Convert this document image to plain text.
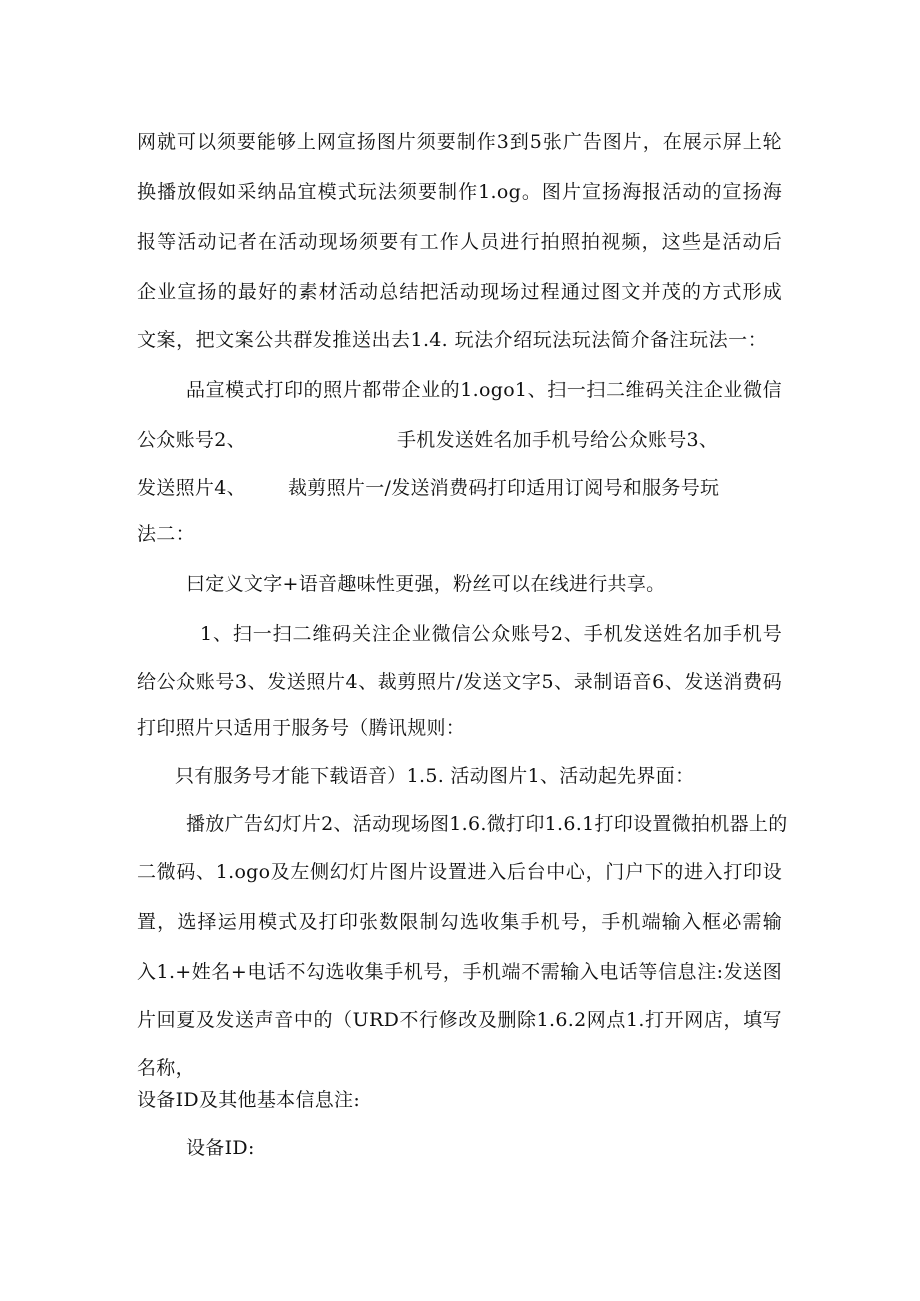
网就可以须要能够上网宣扬图片须要制作3到5张广告图片，在展示屏上轮
换播放假如采纳品宜模式玩法须要制作1.og。图片宣扬海报活动的宣扬海
报等活动记者在活动现场须要有工作人员进行拍照拍视频，这些是活动后
企业宣扬的最好的素材活动总结把活动现场过程通过图文并茂的方式形成
文案，把文案公共群发推送出去1.4. 玩法介绍玩法玩法简介备注玩法一：
品宣模式打印的照片都带企业的1.ogo1、扫一扫二维码关注企业微信
公众账号2、	手机发送姓名加手机号给公众账号3、
发送照片4、 裁剪照片一/发送消费码打印适用订阅号和服务号玩
法二：
曰定义文字+语音趣味性更强，粉丝可以在线进行共享。
1、扫一扫二维码关注企业微信公众账号2、手机发送姓名加手机号
给公众账号3、发送照片4、裁剪照片/发送文字5、录制语音6、发送消费码
打印照片只适用于服务号（腾讯规则：
只有服务号才能下载语音）1.5. 活动图片1、活动起先界面：
播放广告幻灯片2、活动现场图1.6.微打印1.6.1打印设置微拍机器上的
二微码、1.ogo及左侧幻灯片图片设置进入后台中心，门户下的进入打印设
置，选择运用模式及打印张数限制勾选收集手机号，手机端输入框必需输
入1.+姓名+电话不勾选收集手机号，手机端不需输入电话等信息注:发送图
片回夏及发送声音中的（URD不行修改及删除1.6.2网点1.打开网店，填写
名称，
设备ID及其他基本信息注:
设备ID:
